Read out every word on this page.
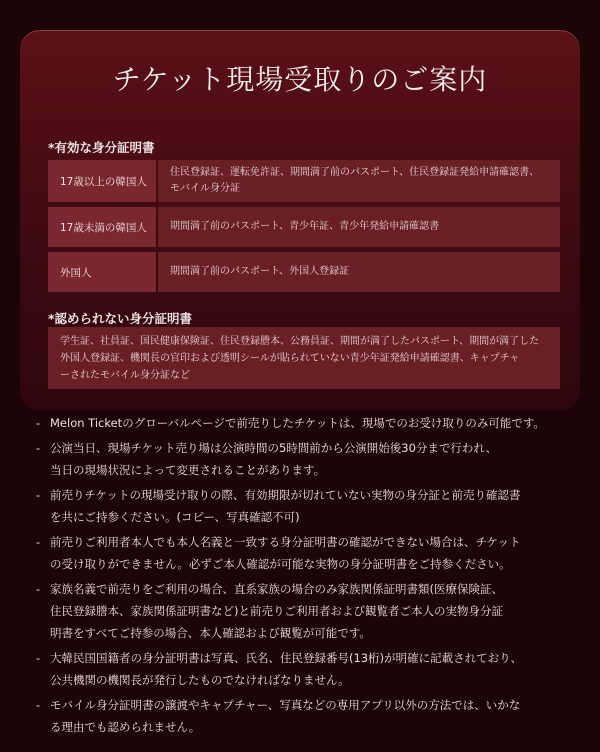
チケット現場受取りのご案内
*有効な身分証明書
17歳以上の韓国人
住民登録証、運転免許証、期間満了前のパスポート、住民登録証発給申請確認書、
モバイル身分証
17歳未満の韓国人	期間満了前のパスポート、青少年証、青少年発給申請確認書
外国人	期間満了前のパスポート、外国人登録証
*認められない身分証明書
学生証、社員証、国民健康保険証、住民登録謄本、公務員証、期間が満了したパスポート、期間が満了した
外国人登録証、機関長の官印および透明シールが貼られていない青少年証発給申請確認書、キャプチャ
ーされたモバイル身分証など
- Melon Ticketのグローバルページで前売りしたチケットは、現場でのお受け取りのみ可能です。
- 公演当日、現場チケット売り場は公演時間の5時間前から公演開始後30分まで行われ、
当日の現場状況によって変更されることがあります。
- 前売りチケットの現場受け取りの際、有効期限が切れていない実物の身分証と前売り確認書
を共にご持参ください。(コピー、写真確認不可)
- 前売りご利用者本人でも本人名義と一致する身分証明書の確認ができない場合は、チケット
の受け取りができません。必ずご本人確認が可能な実物の身分証明書をご持参ください。
- 家族名義で前売りをご利用の場合、直系家族の場合のみ家族関係証明書類(医療保険証、
住民登録謄本、家族関係証明書など)と前売りご利用者および観覧者ご本人の実物身分証
明書をすべてご持参の場合、本人確認および観覧が可能です。
- 大韓民国国籍者の身分証明書は写真、氏名、住民登録番号(13桁)が明確に記載されており、
公共機関の機関長が発行したものでなければなりません。
- モバイル身分証明書の譲渡やキャプチャー、写真などの専用アプリ以外の方法では、いかな
る理由でも認められません。
